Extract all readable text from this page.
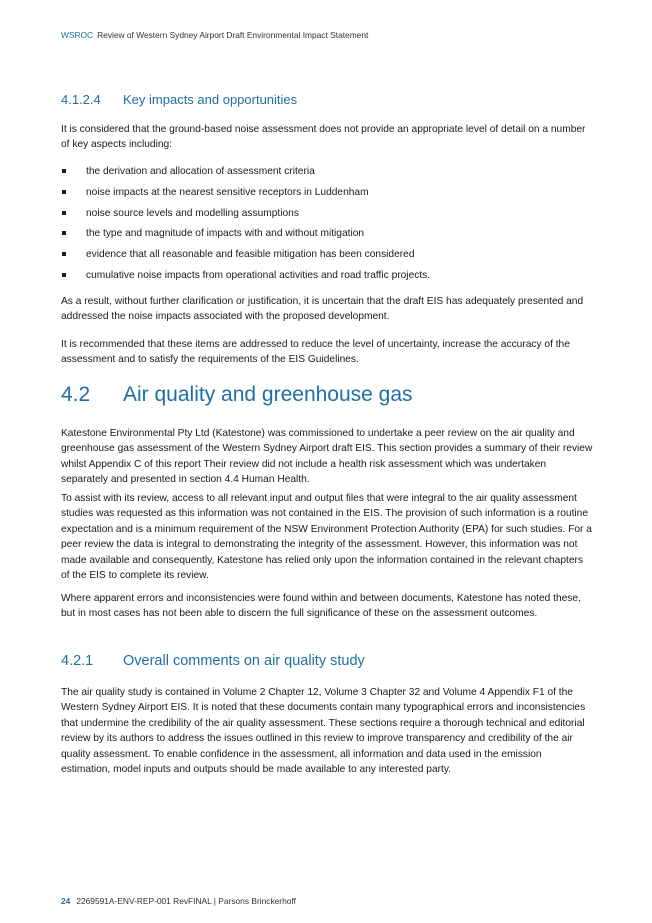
WSROC Review of Western Sydney Airport Draft Environmental Impact Statement
4.1.2.4 Key impacts and opportunities

It is considered that the ground-based noise assessment does not provide an appropriate level of detail on a number of key aspects including:

the derivation and allocation of assessment criteria
noise impacts at the nearest sensitive receptors in Luddenham
noise source levels and modelling assumptions
the type and magnitude of impacts with and without mitigation
evidence that all reasonable and feasible mitigation has been considered
cumulative noise impacts from operational activities and road traffic projects.

As a result, without further clarification or justification, it is uncertain that the draft EIS has adequately presented and addressed the noise impacts associated with the proposed development.

It is recommended that these items are addressed to reduce the level of uncertainty, increase the accuracy of the assessment and to satisfy the requirements of the EIS Guidelines.

4.2 Air quality and greenhouse gas

Katestone Environmental Pty Ltd (Katestone) was commissioned to undertake a peer review on the air quality and greenhouse gas assessment of the Western Sydney Airport draft EIS. This section provides a summary of their review whilst Appendix C of this report Their review did not include a health risk assessment which was undertaken separately and presented in section 4.4 Human Health.

To assist with its review, access to all relevant input and output files that were integral to the air quality assessment studies was requested as this information was not contained in the EIS. The provision of such information is a routine expectation and is a minimum requirement of the NSW Environment Protection Authority (EPA) for such studies. For a peer review the data is integral to demonstrating the integrity of the assessment. However, this information was not made available and consequently, Katestone has relied only upon the information contained in the relevant chapters of the EIS to complete its review.

Where apparent errors and inconsistencies were found within and between documents, Katestone has noted these, but in most cases has not been able to discern the full significance of these on the assessment outcomes.

4.2.1 Overall comments on air quality study

The air quality study is contained in Volume 2 Chapter 12, Volume 3 Chapter 32 and Volume 4 Appendix F1 of the Western Sydney Airport EIS. It is noted that these documents contain many typographical errors and inconsistencies that undermine the credibility of the air quality assessment. These sections require a thorough technical and editorial review by its authors to address the issues outlined in this review to improve transparency and credibility of the air quality assessment. To enable confidence in the assessment, all information and data used in the emission estimation, model inputs and outputs should be made available to any interested party.

24 2269591A-ENV-REP-001 RevFINAL | Parsons Brinckerhoff
